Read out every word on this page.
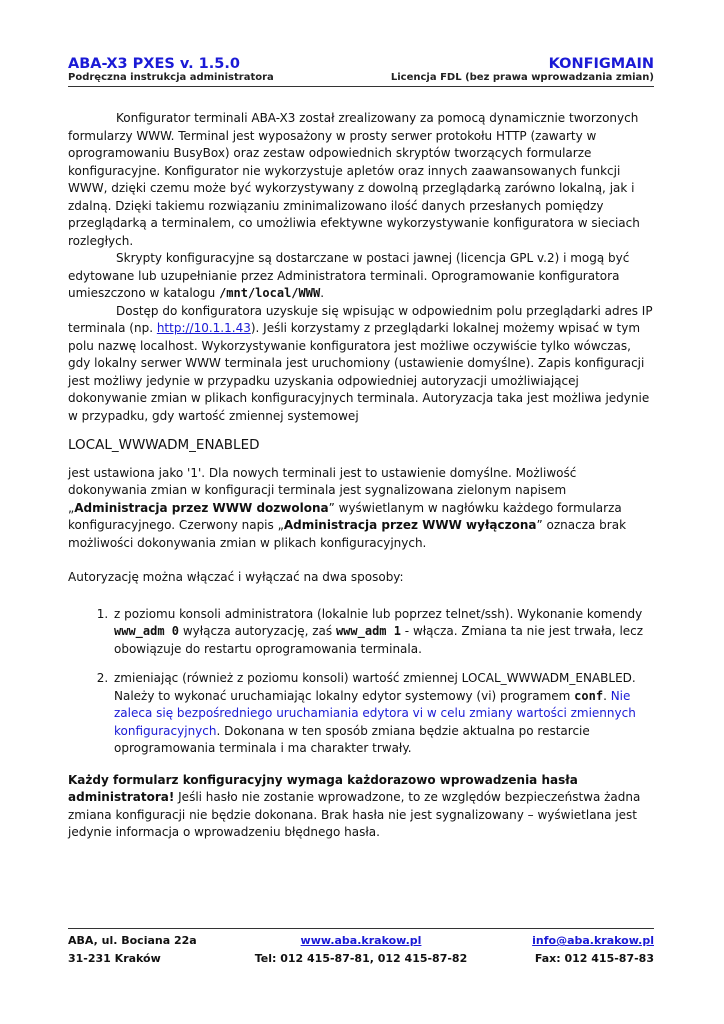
ABA-X3 PXES v. 1.5.0	KONFIGMAIN
Podręczna instrukcja administratora	Licencja FDL (bez prawa wprowadzania zmian)

Konfigurator terminali ABA-X3 został zrealizowany za pomocą dynamicznie tworzonych formularzy WWW. Terminal jest wyposażony w prosty serwer protokołu HTTP (zawarty w oprogramowaniu BusyBox) oraz zestaw odpowiednich skryptów tworzących formularze konfiguracyjne. Konfigurator nie wykorzystuje apletów oraz innych zaawansowanych funkcji WWW, dzięki czemu może być wykorzystywany z dowolną przeglądarką zarówno lokalną, jak i zdalną. Dzięki takiemu rozwiązaniu zminimalizowano ilość danych przesłanych pomiędzy przeglądarką a terminalem, co umożliwia efektywne wykorzystywanie konfiguratora w sieciach rozległych.

Skrypty konfiguracyjne są dostarczane w postaci jawnej (licencja GPL v.2) i mogą być edytowane lub uzupełnianie przez Administratora terminali. Oprogramowanie konfiguratora umieszczono w katalogu /mnt/local/WWW.

Dostęp do konfiguratora uzyskuje się wpisując w odpowiednim polu przeglądarki adres IP terminala (np. http://10.1.1.43). Jeśli korzystamy z przeglądarki lokalnej możemy wpisać w tym polu nazwę localhost. Wykorzystywanie konfiguratora jest możliwe oczywiście tylko wówczas, gdy lokalny serwer WWW terminala jest uruchomiony (ustawienie domyślne). Zapis konfiguracji jest możliwy jedynie w przypadku uzyskania odpowiedniej autoryzacji umożliwiającej dokonywanie zmian w plikach konfiguracyjnych terminala. Autoryzacja taka jest możliwa jedynie w przypadku, gdy wartość zmiennej systemowej

LOCAL_WWWADM_ENABLED

jest ustawiona jako '1'. Dla nowych terminali jest to ustawienie domyślne. Możliwość dokonywania zmian w konfiguracji terminala jest sygnalizowana zielonym napisem „Administracja przez WWW dozwolona” wyświetlanym w nagłówku każdego formularza konfiguracyjnego. Czerwony napis „Administracja przez WWW wyłączona” oznacza brak możliwości dokonywania zmian w plikach konfiguracyjnych.

Autoryzację można włączać i wyłączać na dwa sposoby:

1. z poziomu konsoli administratora (lokalnie lub poprzez telnet/ssh). Wykonanie komendy www_adm 0 wyłącza autoryzację, zaś www_adm 1 - włącza. Zmiana ta nie jest trwała, lecz obowiązuje do restartu oprogramowania terminala.
2. zmieniając (również z poziomu konsoli) wartość zmiennej LOCAL_WWWADM_ENABLED. Należy to wykonać uruchamiając lokalny edytor systemowy (vi) programem conf. Nie zaleca się bezpośredniego uruchamiania edytora vi w celu zmiany wartości zmiennych konfiguracyjnych. Dokonana w ten sposób zmiana będzie aktualna po restarcie oprogramowania terminala i ma charakter trwały.

Każdy formularz konfiguracyjny wymaga każdorazowo wprowadzenia hasła administratora! Jeśli hasło nie zostanie wprowadzone, to ze względów bezpieczeństwa żadna zmiana konfiguracji nie będzie dokonana. Brak hasła nie jest sygnalizowany – wyświetlana jest jedynie informacja o wprowadzeniu błędnego hasła.

ABA, ul. Bociana 22a	www.aba.krakow.pl	info@aba.krakow.pl
31-231 Kraków	Tel: 012 415-87-81, 012 415-87-82	Fax: 012 415-87-83
